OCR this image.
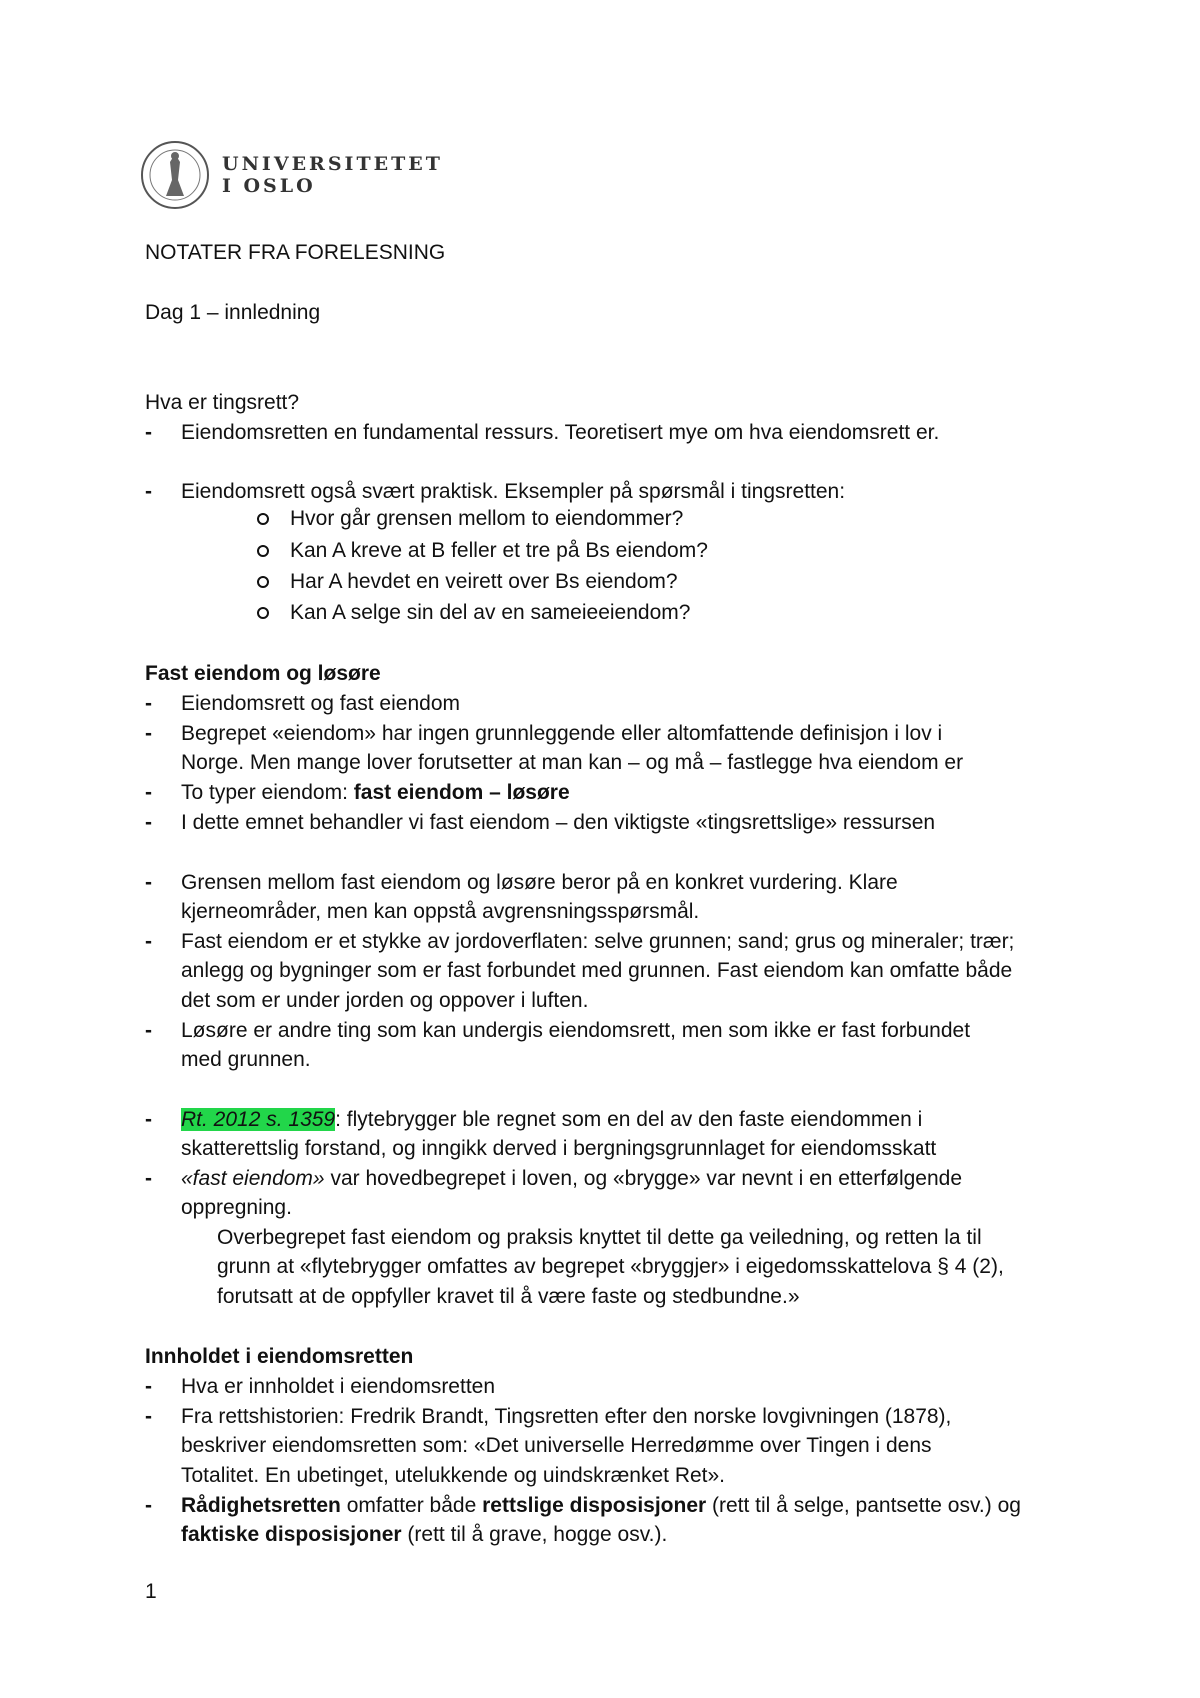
UNIVERSITETET
I OSLO
NOTATER FRA FORELESNING
Dag 1 – innledning
Hva er tingsrett?
- Eiendomsretten en fundamental ressurs. Teoretisert mye om hva eiendomsrett er.
- Eiendomsrett også svært praktisk. Eksempler på spørsmål i tingsretten:
Hvor går grensen mellom to eiendommer?
Kan A kreve at B feller et tre på Bs eiendom?
Har A hevdet en veirett over Bs eiendom?
Kan A selge sin del av en sameieeiendom?
Fast eiendom og løsøre
- Eiendomsrett og fast eiendom
- Begrepet «eiendom» har ingen grunnleggende eller altomfattende definisjon i lov i
Norge. Men mange lover forutsetter at man kan – og må – fastlegge hva eiendom er
- To typer eiendom: fast eiendom – løsøre
- I dette emnet behandler vi fast eiendom – den viktigste «tingsrettslige» ressursen
- Grensen mellom fast eiendom og løsøre beror på en konkret vurdering. Klare
kjerneområder, men kan oppstå avgrensningsspørsmål.
- Fast eiendom er et stykke av jordoverflaten: selve grunnen; sand; grus og mineraler; trær;
anlegg og bygninger som er fast forbundet med grunnen. Fast eiendom kan omfatte både
det som er under jorden og oppover i luften.
- Løsøre er andre ting som kan undergis eiendomsrett, men som ikke er fast forbundet
med grunnen.
- Rt. 2012 s. 1359: flytebrygger ble regnet som en del av den faste eiendommen i
skatterettslig forstand, og inngikk derved i bergningsgrunnlaget for eiendomsskatt
- «fast eiendom» var hovedbegrepet i loven, og «brygge» var nevnt i en etterfølgende
oppregning.
Overbegrepet fast eiendom og praksis knyttet til dette ga veiledning, og retten la til
grunn at «flytebrygger omfattes av begrepet «bryggjer» i eigedomsskattelova § 4 (2),
forutsatt at de oppfyller kravet til å være faste og stedbundne.»
Innholdet i eiendomsretten
- Hva er innholdet i eiendomsretten
- Fra rettshistorien: Fredrik Brandt, Tingsretten efter den norske lovgivningen (1878),
beskriver eiendomsretten som: «Det universelle Herredømme over Tingen i dens
Totalitet. En ubetinget, utelukkende og uindskrænket Ret».
- Rådighetsretten omfatter både rettslige disposisjoner (rett til å selge, pantsette osv.) og
faktiske disposisjoner (rett til å grave, hogge osv.).
1
